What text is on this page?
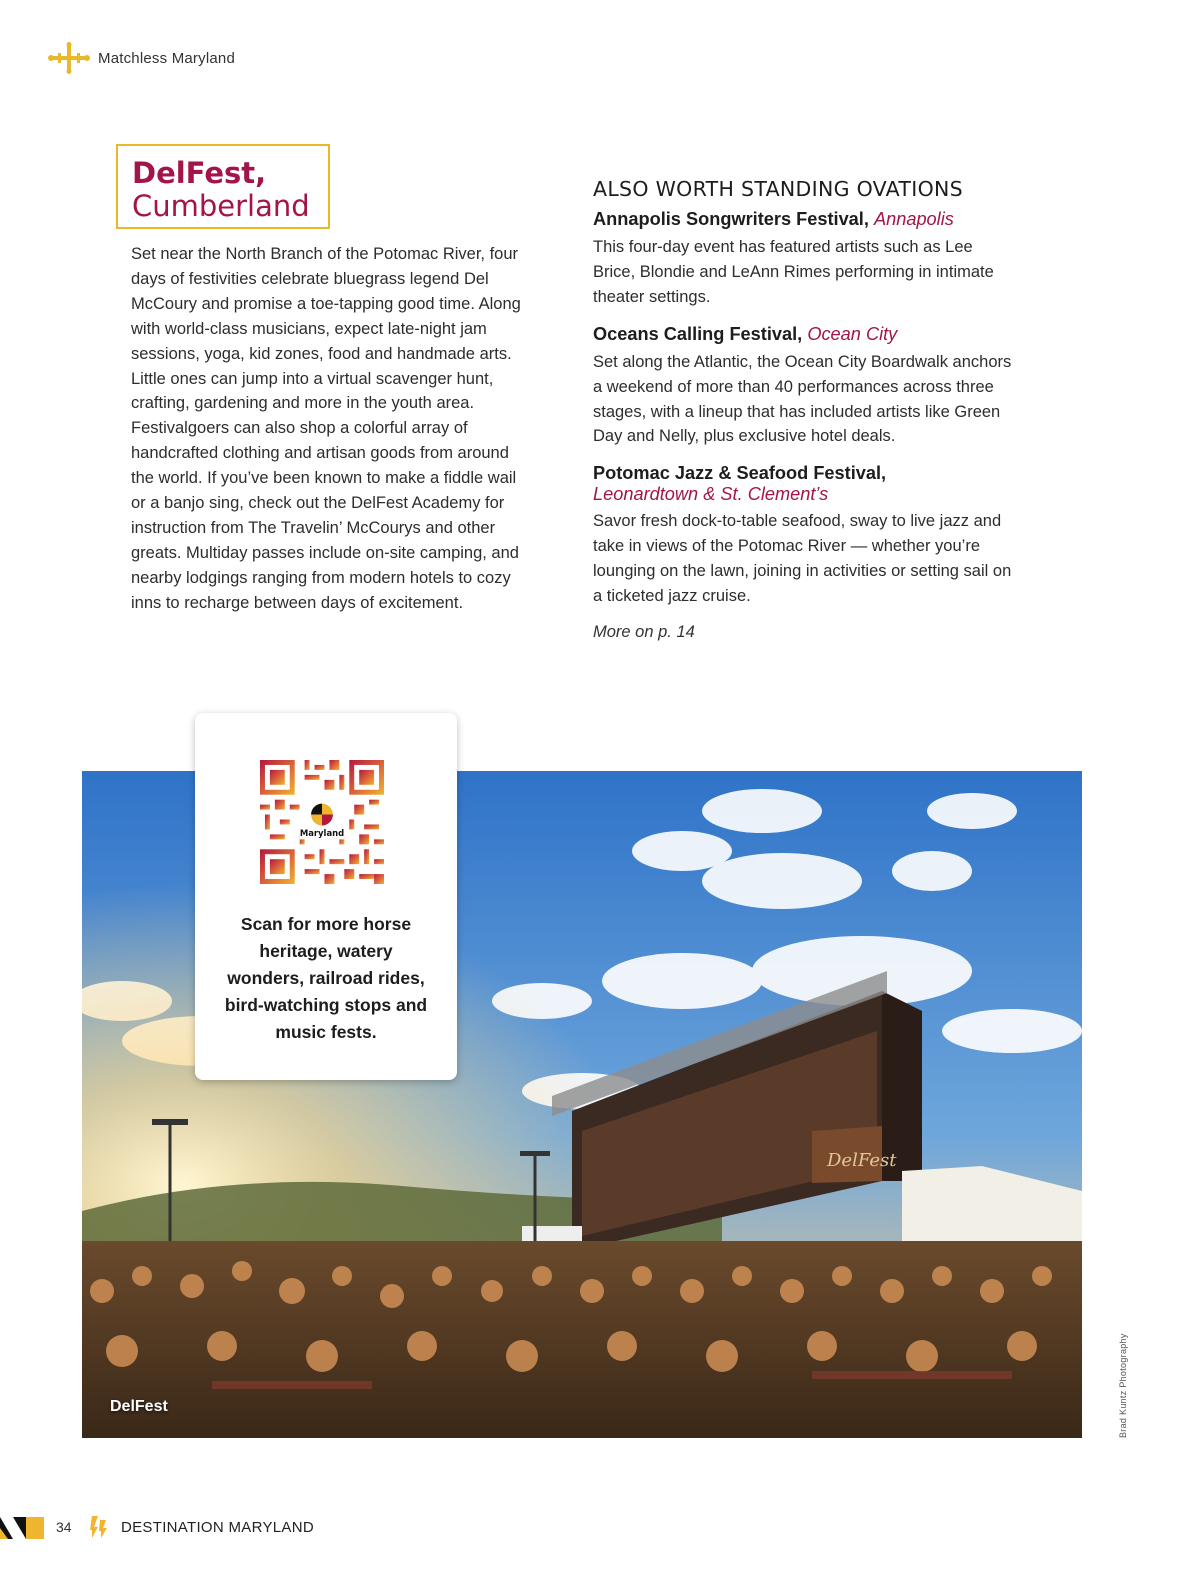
Matchless Maryland
DelFest,
Cumberland

Set near the North Branch of the Potomac River, four days of festivities celebrate bluegrass legend Del McCoury and promise a toe-tapping good time. Along with world-class musicians, expect late-night jam sessions, yoga, kid zones, food and handmade arts. Little ones can jump into a virtual scavenger hunt, crafting, gardening and more in the youth area. Festivalgoers can also shop a colorful array of handcrafted clothing and artisan goods from around the world. If you’ve been known to make a fiddle wail or a banjo sing, check out the DelFest Academy for instruction from The Travelin’ McCourys and other greats. Multiday passes include on-site camping, and nearby lodgings ranging from modern hotels to cozy inns to recharge between days of excitement.

ALSO WORTH STANDING OVATIONS
Annapolis Songwriters Festival, Annapolis

This four-day event has featured artists such as Lee Brice, Blondie and LeAnn Rimes performing in intimate theater settings.

Oceans Calling Festival, Ocean City

Set along the Atlantic, the Ocean City Boardwalk anchors a weekend of more than 40 performances across three stages, with a lineup that has included artists like Green Day and Nelly, plus exclusive hotel deals.

Potomac Jazz & Seafood Festival,
Leonardtown & St. Clement’s

Savor fresh dock-to-table seafood, sway to live jazz and take in views of the Potomac River — whether you’re lounging on the lawn, joining in activities or setting sail on a ticketed jazz cruise.

More on p. 14

DelFest
DelFest	Brad Kuntz Photography
Maryland

Scan for more horse heritage, watery wonders, railroad rides, bird-watching stops and music fests.

34	DESTINATION MARYLAND
